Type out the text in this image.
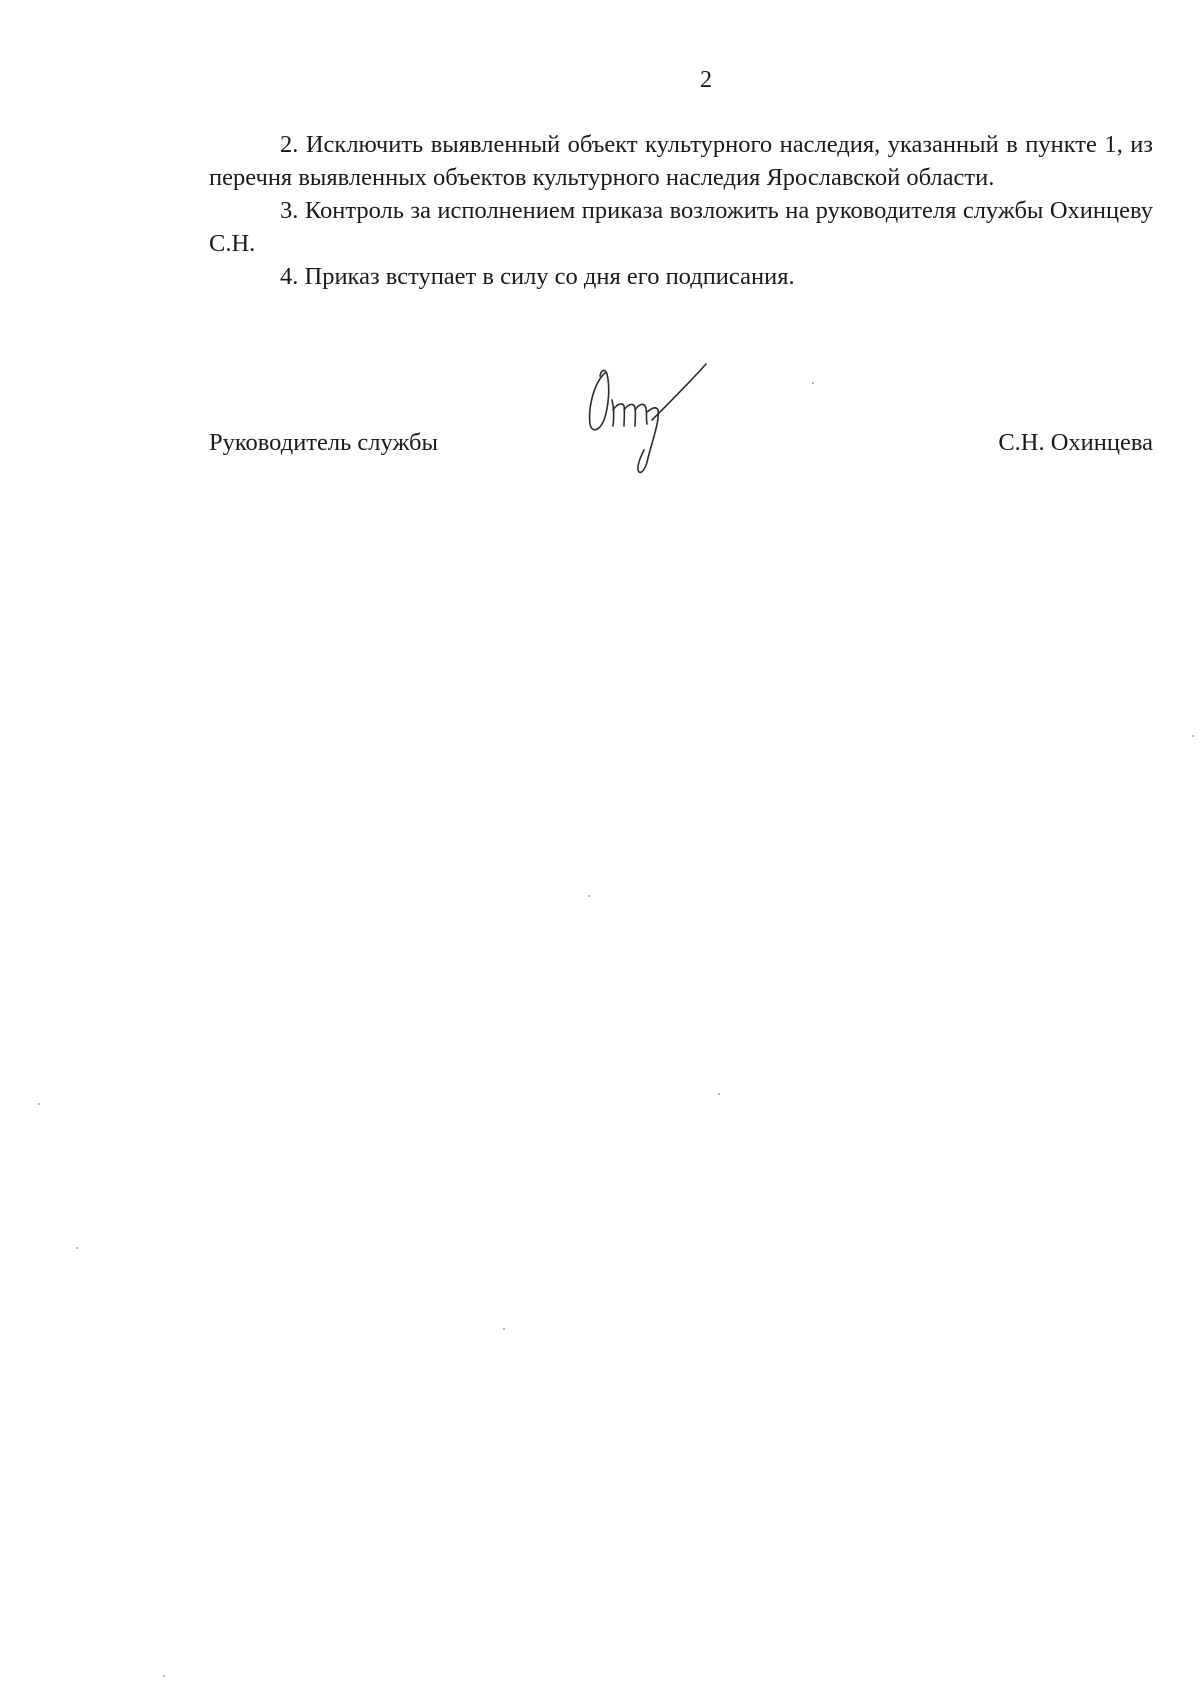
2

2. Исключить выявленный объект культурного наследия, указанный в пункте 1, из перечня выявленных объектов культурного наследия Ярославской области.

3. Контроль за исполнением приказа возложить на руководителя службы Охинцеву С.Н.

4. Приказ вступает в силу со дня его подписания.

Руководитель службы	С.Н. Охинцева
